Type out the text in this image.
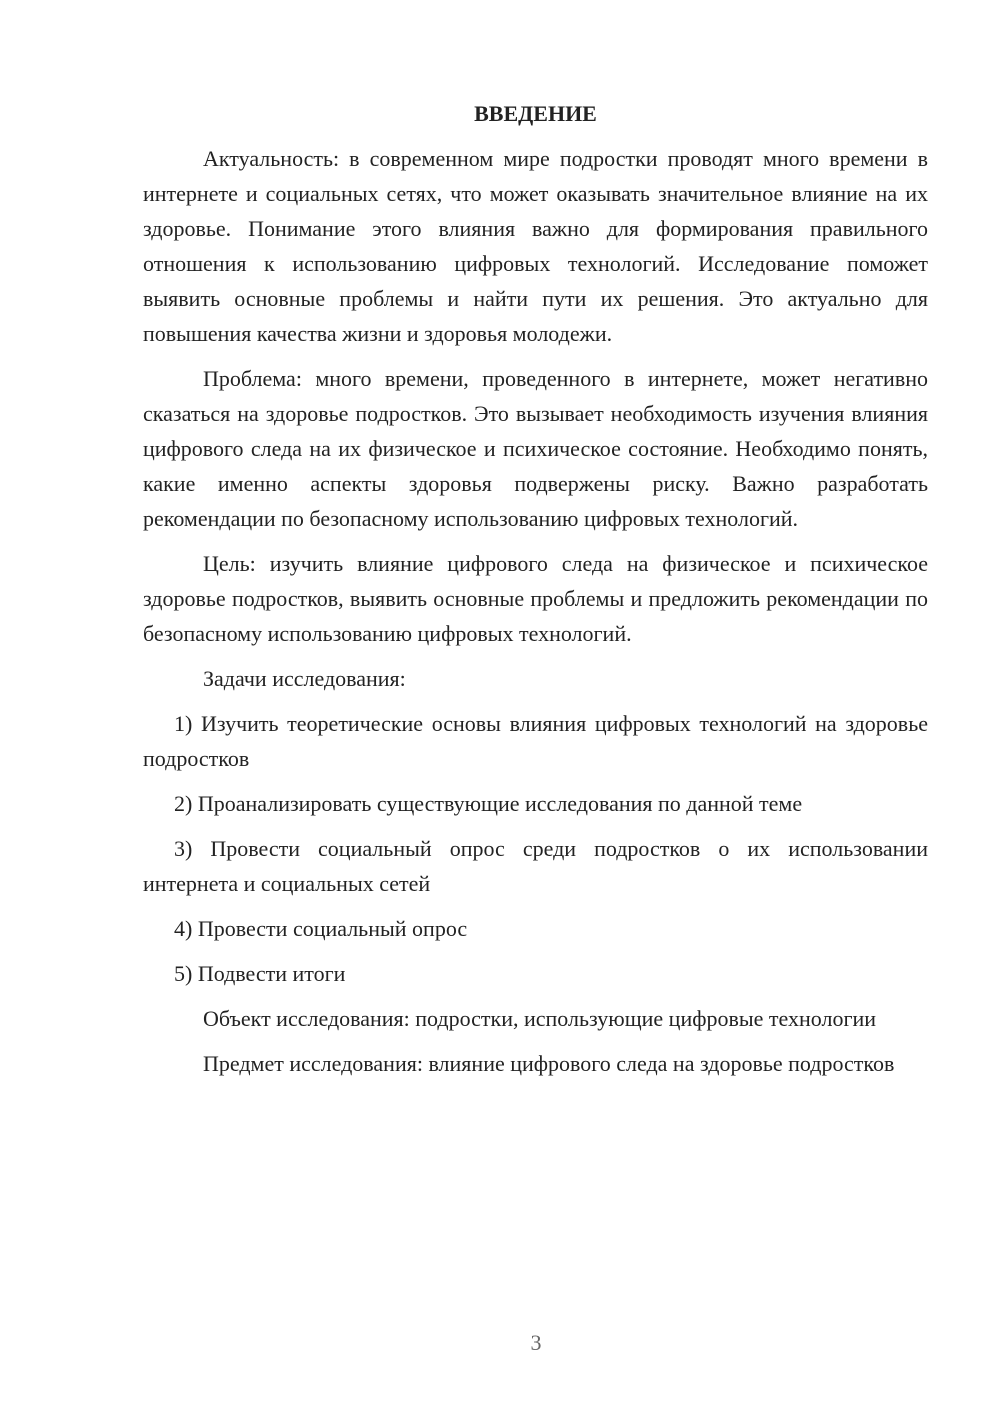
ВВЕДЕНИЕ

Актуальность: в современном мире подростки проводят много времени в интернете и социальных сетях, что может оказывать значительное влияние на их здоровье. Понимание этого влияния важно для формирования правильного отношения к использованию цифровых технологий. Исследование поможет выявить основные проблемы и найти пути их решения. Это актуально для повышения качества жизни и здоровья молодежи.

Проблема: много времени, проведенного в интернете, может негативно сказаться на здоровье подростков. Это вызывает необходимость изучения влияния цифрового следа на их физическое и психическое состояние. Необходимо понять, какие именно аспекты здоровья подвержены риску. Важно разработать рекомендации по безопасному использованию цифровых технологий.

Цель: изучить влияние цифрового следа на физическое и психическое здоровье подростков, выявить основные проблемы и предложить рекомендации по безопасному использованию цифровых технологий.

Задачи исследования:

1) Изучить теоретические основы влияния цифровых технологий на здоровье подростков

2) Проанализировать существующие исследования по данной теме

3) Провести социальный опрос среди подростков о их использовании интернета и социальных сетей

4) Провести социальный опрос

5) Подвести итоги

Объект исследования: подростки, использующие цифровые технологии

Предмет исследования: влияние цифрового следа на здоровье подростков

3
